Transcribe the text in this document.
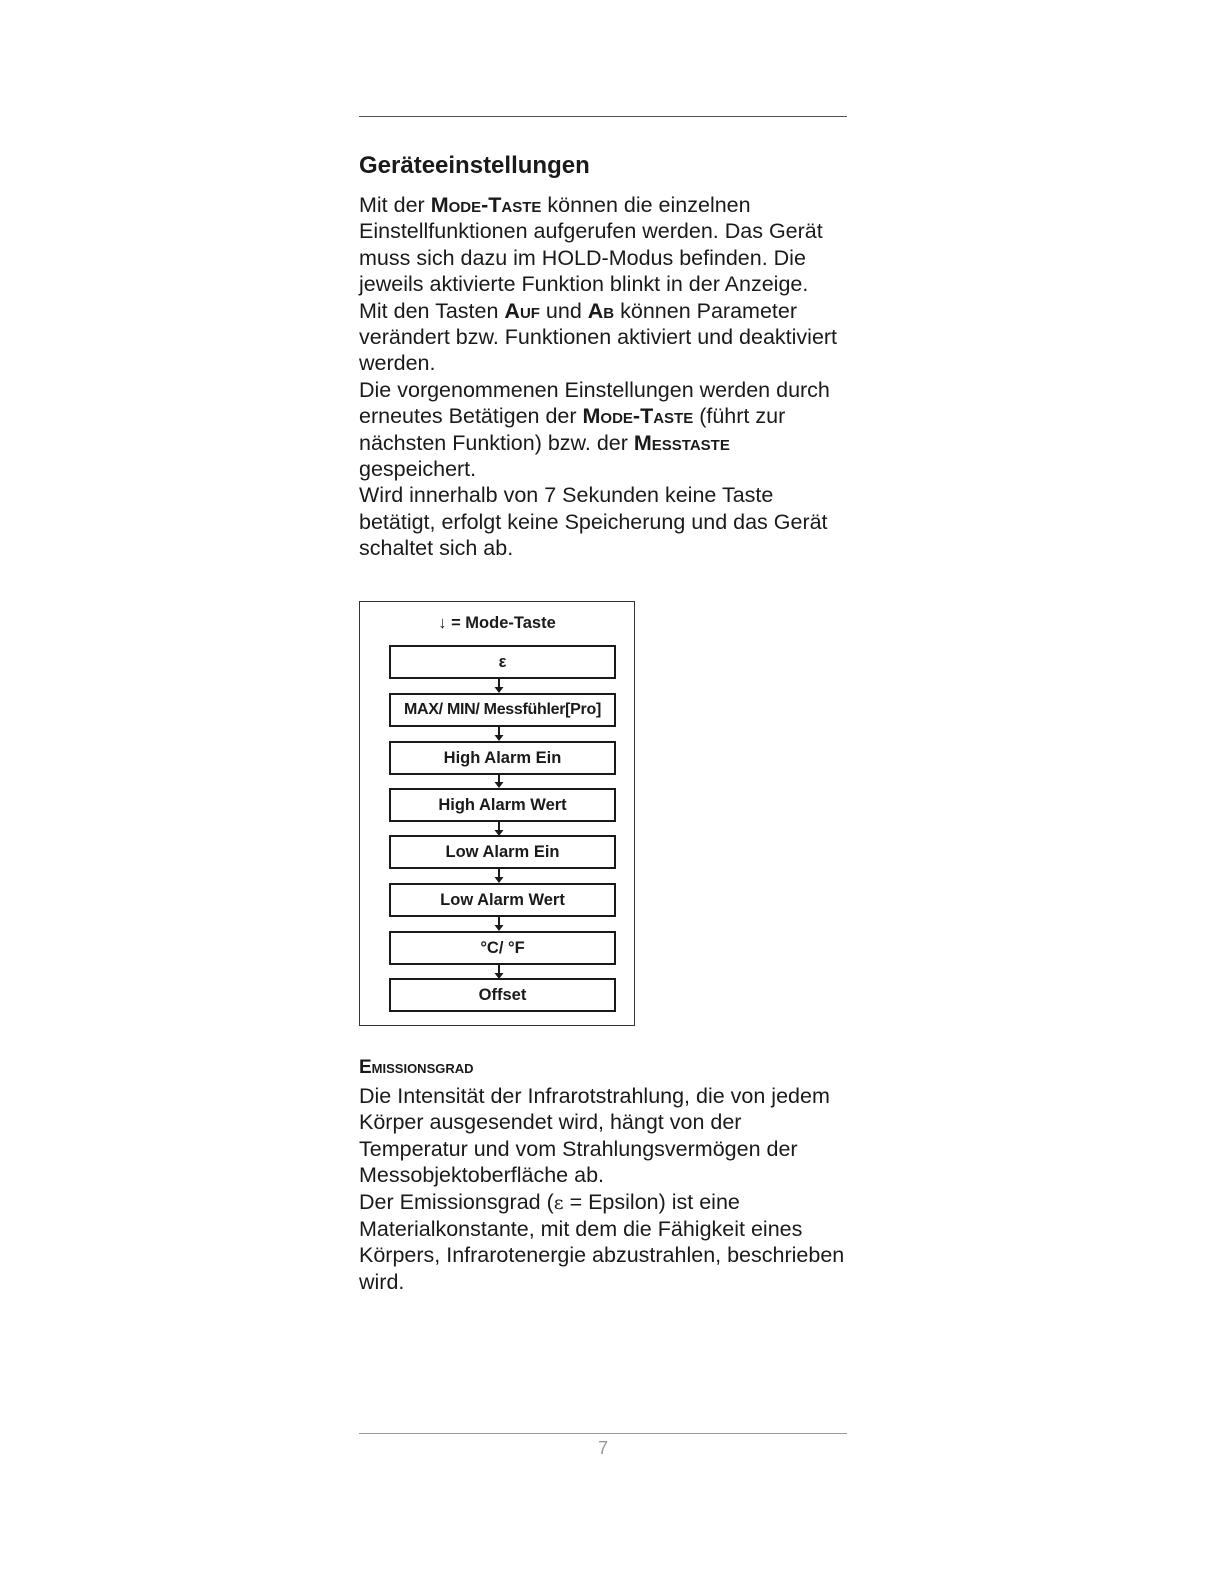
Geräteeinstellungen

Mit der Mode-Taste können die einzelnen Einstellfunktionen aufgerufen werden. Das Gerät muss sich dazu im HOLD-Modus befinden. Die jeweils aktivierte Funktion blinkt in der Anzeige.

Mit den Tasten Auf und Ab können Parameter verändert bzw. Funktionen aktiviert und deaktiviert werden.

Die vorgenommenen Einstellungen werden durch erneutes Betätigen der Mode-Taste (führt zur nächsten Funktion) bzw. der Messtaste gespeichert.

Wird innerhalb von 7 Sekunden keine Taste betätigt, erfolgt keine Speicherung und das Gerät schaltet sich ab.

↓ = Mode-Taste
ε
MAX/ MIN/ Messfühler[Pro]
High Alarm Ein
High Alarm Wert
Low Alarm Ein
Low Alarm Wert
°C/ °F
Offset
Emissionsgrad

Die Intensität der Infrarotstrahlung, die von jedem Körper ausgesendet wird, hängt von der Temperatur und vom Strahlungsvermögen der Messobjektoberfläche ab.

Der Emissionsgrad (ε = Epsilon) ist eine Materialkonstante, mit dem die Fähigkeit eines Körpers, Infrarotenergie abzustrahlen, beschrieben wird.

7
